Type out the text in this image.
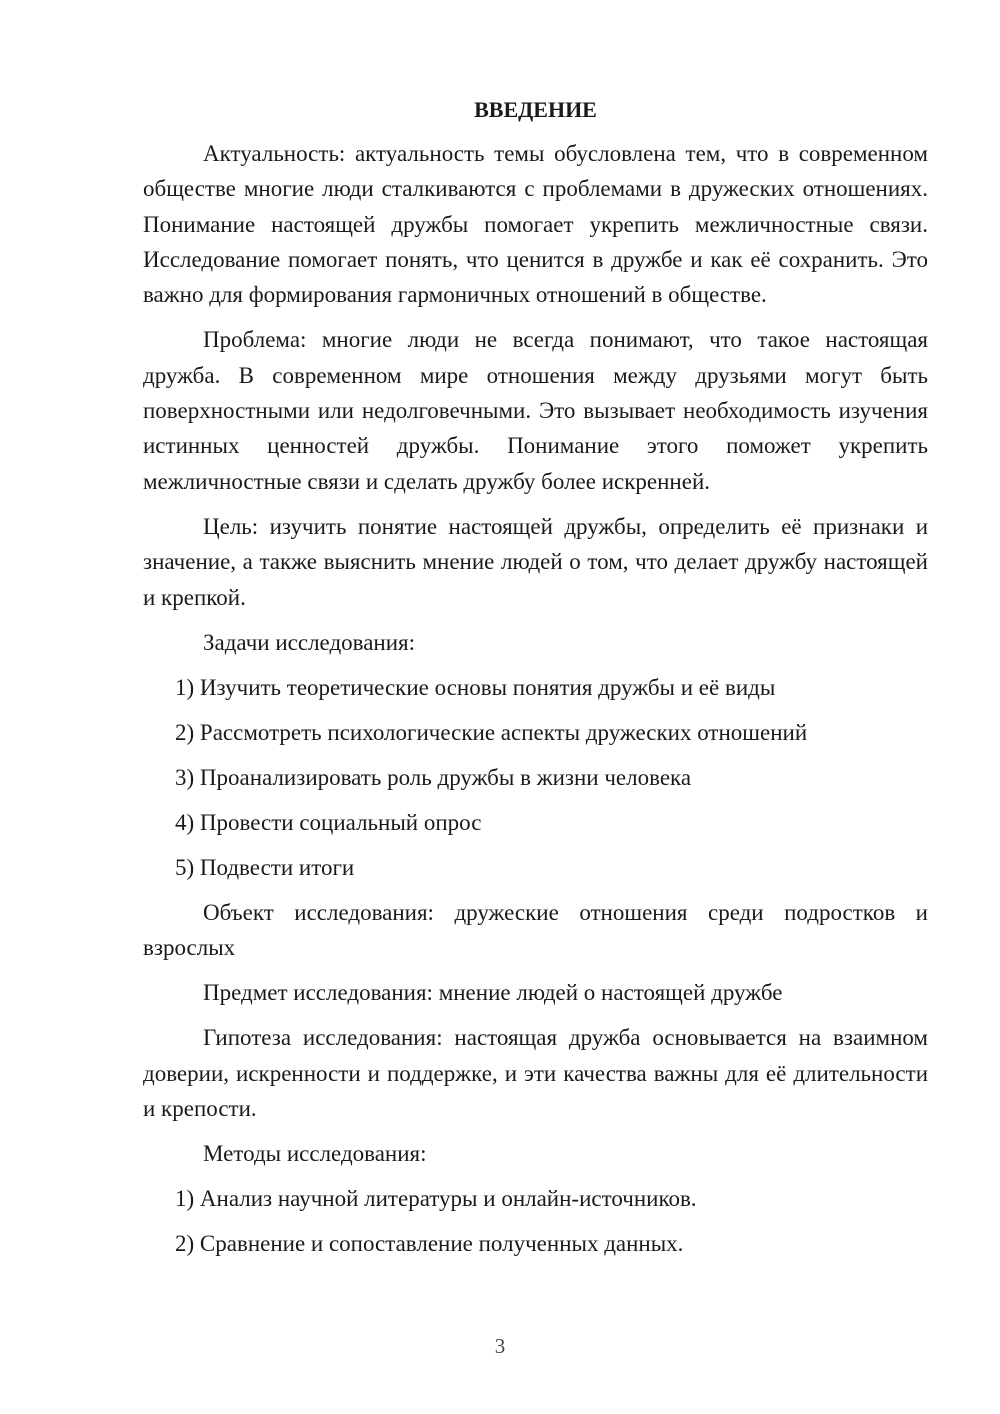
ВВЕДЕНИЕ

Актуальность: актуальность темы обусловлена тем, что в современном обществе многие люди сталкиваются с проблемами в дружеских отношениях. Понимание настоящей дружбы помогает укрепить межличностные связи. Исследование помогает понять, что ценится в дружбе и как её сохранить. Это важно для формирования гармоничных отношений в обществе.

Проблема: многие люди не всегда понимают, что такое настоящая дружба. В современном мире отношения между друзьями могут быть поверхностными или недолговечными. Это вызывает необходимость изучения истинных ценностей дружбы. Понимание этого поможет укрепить межличностные связи и сделать дружбу более искренней.

Цель: изучить понятие настоящей дружбы, определить её признаки и значение, а также выяснить мнение людей о том, что делает дружбу настоящей и крепкой.

Задачи исследования:

1) Изучить теоретические основы понятия дружбы и её виды

2) Рассмотреть психологические аспекты дружеских отношений

3) Проанализировать роль дружбы в жизни человека

4) Провести социальный опрос

5) Подвести итоги

Объект исследования: дружеские отношения среди подростков и взрослых

Предмет исследования: мнение людей о настоящей дружбе

Гипотеза исследования: настоящая дружба основывается на взаимном доверии, искренности и поддержке, и эти качества важны для её длительности и крепости.

Методы исследования:

1) Анализ научной литературы и онлайн-источников.

2) Сравнение и сопоставление полученных данных.

3
